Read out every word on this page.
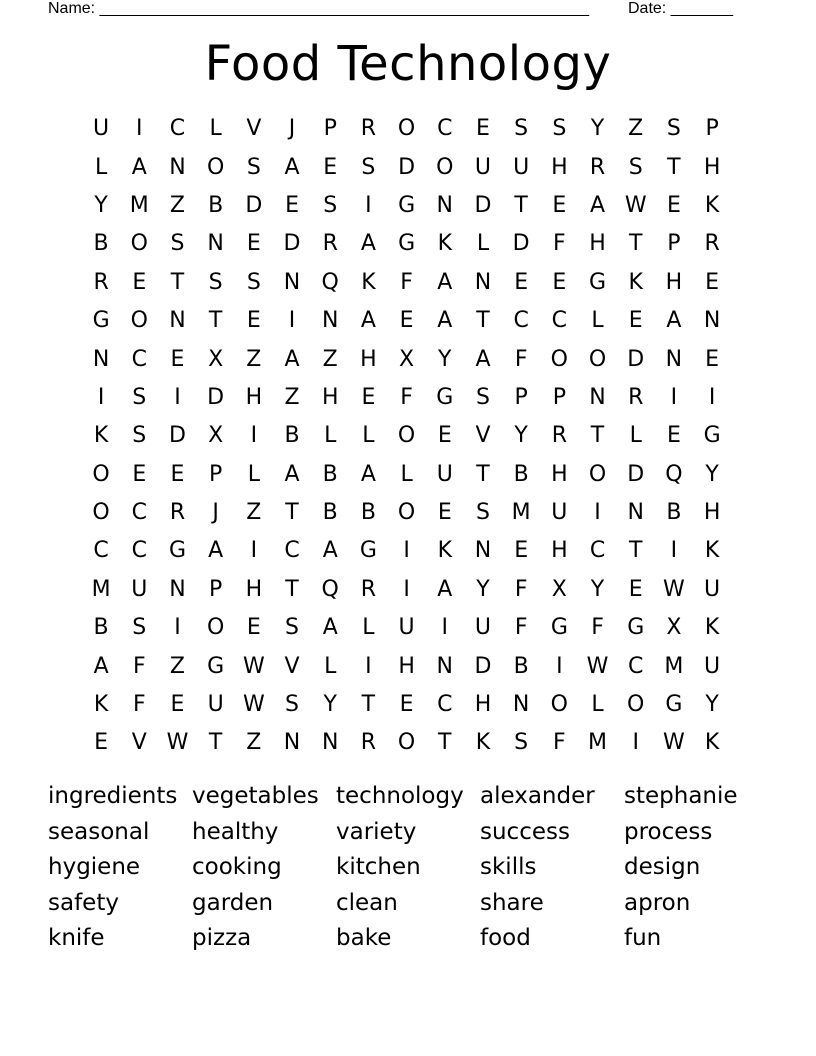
Name: _______________________________________________________ Date: _______
Food Technology
U	I	C	L	V	J	P	R O C	E	S	S	Y	Z	S	P
L	A	N O	S	A	E	S	D O U	U H	R	S	T	H
Y M Z	B	D	E	S	I	G N D	T	E	A W E	K
B O	S	N	E	D	R	A	G	K	L	D	F	H	T	P	R
R	E	T	S	S	N Q	K	F	A	N	E	E	G	K	H	E
G O N	T	E	I	N	A	E	A	T	C	C	L	E	A	N
N	C	E	X	Z	A	Z	H	X	Y	A	F	O O D N	E
I	S	I	D H	Z	H	E	F	G	S	P	P	N	R	I	I
K	S	D	X	I	B	L	L	O	E	V	Y	R	T	L	E	G
O	E	E	P	L	A	B	A	L	U	T	B	H O D Q	Y
O C	R	J	Z	T	B	B O	E	S M U	I	N	B	H
C	C G	A	I	C	A	G	I	K	N	E	H	C	T	I	K
M U N	P	H	T	Q R	I	A	Y	F	X	Y	E W U
B	S	I	O	E	S	A	L	U	I	U	F	G	F	G	X	K
A	F	Z	G W V	L	I	H N D	B	I	W C M U
K	F	E	U W S	Y	T	E	C	H N O	L	O G	Y
E	V W T	Z	N N	R O	T	K	S	F	M	I	W K
ingredients vegetables technology alexander	stephanie
seasonal	healthy	variety	success	process
hygiene	cooking	kitchen	skills	design
safety	garden	clean	share	apron
knife	pizza	bake	food	fun
